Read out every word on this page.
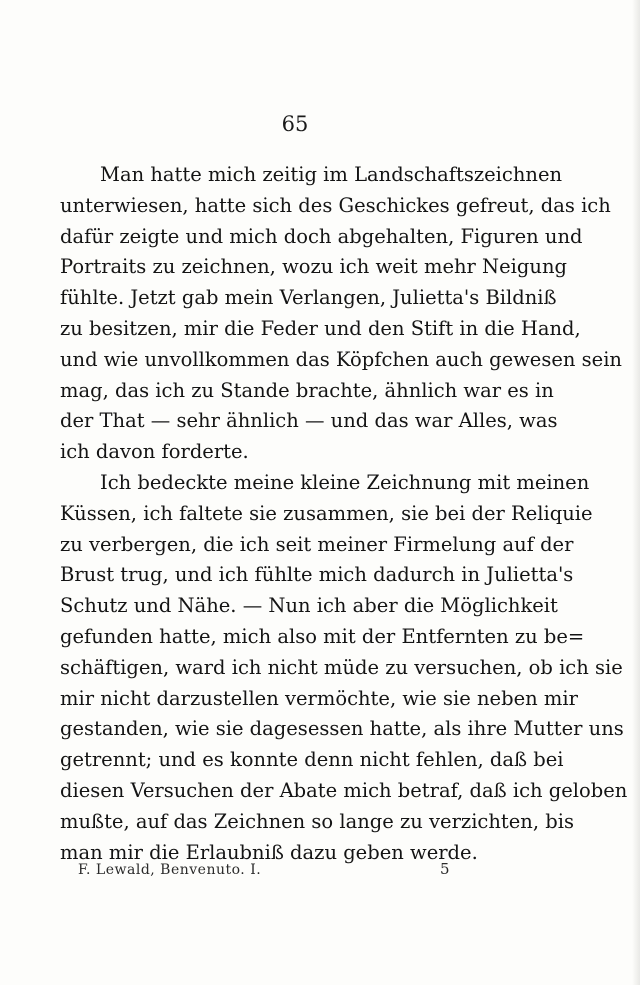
65
Man hatte mich zeitig im Landschaftszeichnen
unterwiesen, hatte sich des Geschickes gefreut, das ich
dafür zeigte und mich doch abgehalten, Figuren und
Portraits zu zeichnen, wozu ich weit mehr Neigung
fühlte. Jetzt gab mein Verlangen, Julietta's Bildniß
zu besitzen, mir die Feder und den Stift in die Hand,
und wie unvollkommen das Köpfchen auch gewesen sein
mag, das ich zu Stande brachte, ähnlich war es in
der That — sehr ähnlich — und das war Alles, was
ich davon forderte.
Ich bedeckte meine kleine Zeichnung mit meinen
Küssen, ich faltete sie zusammen, sie bei der Reliquie
zu verbergen, die ich seit meiner Firmelung auf der
Brust trug, und ich fühlte mich dadurch in Julietta's
Schutz und Nähe. — Nun ich aber die Möglichkeit
gefunden hatte, mich also mit der Entfernten zu be=
schäftigen, ward ich nicht müde zu versuchen, ob ich sie
mir nicht darzustellen vermöchte, wie sie neben mir
gestanden, wie sie dagesessen hatte, als ihre Mutter uns
getrennt; und es konnte denn nicht fehlen, daß bei
diesen Versuchen der Abate mich betraf, daß ich geloben
mußte, auf das Zeichnen so lange zu verzichten, bis
man mir die Erlaubniß dazu geben werde.
F. Lewald, Benvenuto. I.	5
